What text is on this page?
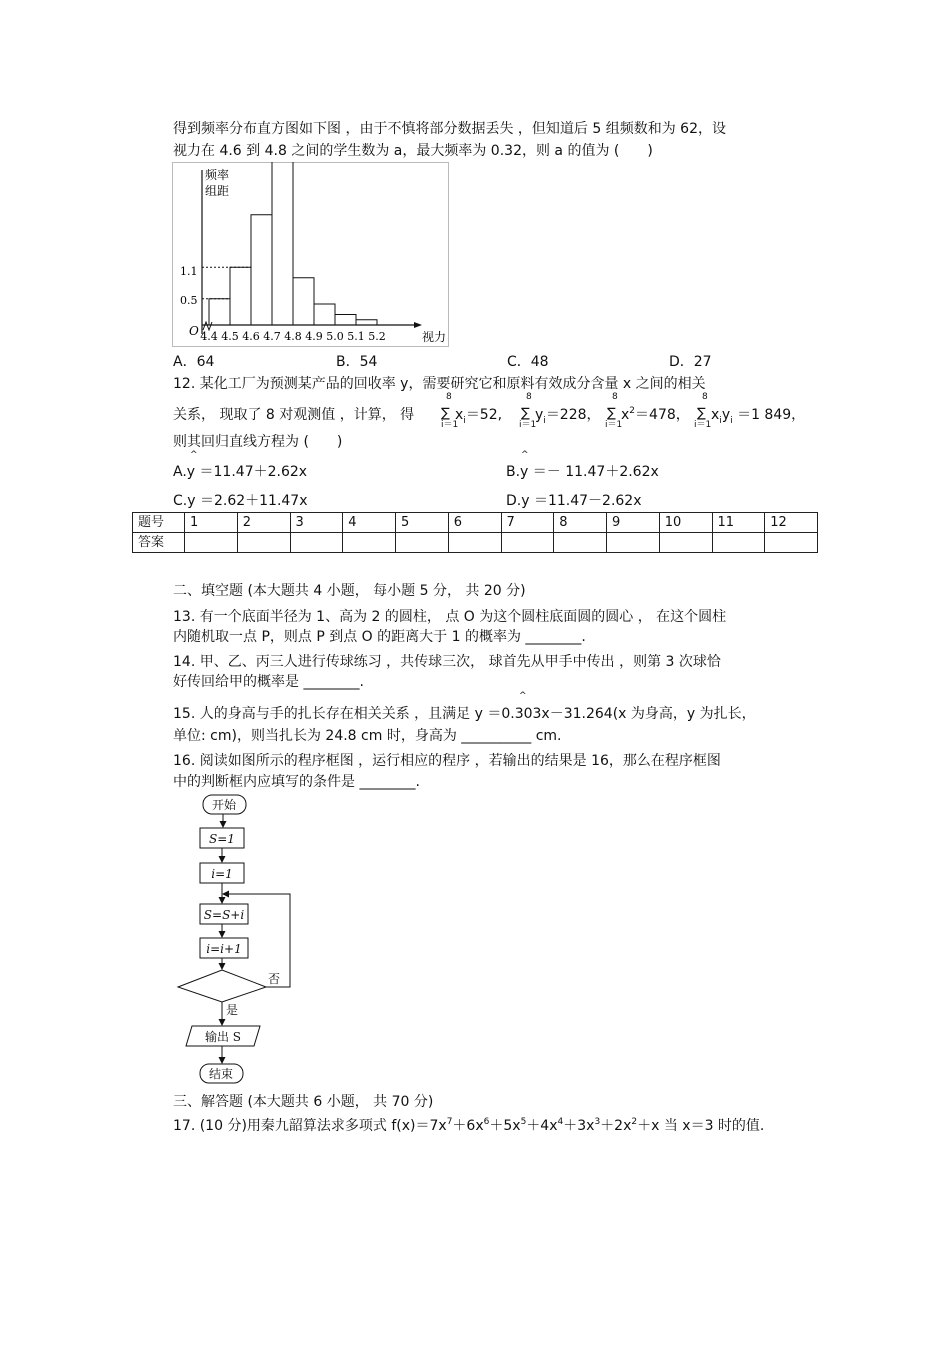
得到频率分布直方图如下图 ，由于不慎将部分数据丢失 ，但知道后 5 组频数和为 62，设
视力在 4.6 到 4.8 之间的学生数为 a，最大频率为 0.32，则 a 的值为 (　　)
频率
组距
O	视力
1.1
0.5
4.4 4.5 4.6 4.7 4.8 4.9 5.0 5.1 5.2
A．64	B．54	C．48	D．27
12. 某化工厂为预测某产品的回收率 y，需要研究它和原料有效成分含量 x 之间的相关
关系， 现取了 8 对观测值 ，计算， 得
8
∑
i＝1
$x_i=52$,
8
∑
i＝1
$y_i=228$，
8
∑
i＝1
$x^2=478$，
8
∑
i＝1
$x_iy_i =1$ 849，
则其回归直线方程为 (　　)
^
A.y ＝11.47＋2.62x
^
B.y ＝－ 11.47＋2.62x
C.y ＝2.62＋11.47x	D.y ＝11.47－2.62x
题号	1	2	3	4	5	6	7	8	9	10	11	12
答案												
二、填空题 (本大题共 4 小题， 每小题 5 分， 共 20 分)
13. 有一个底面半径为 1、高为 2 的圆柱， 点 O 为这个圆柱底面圆的圆心 ， 在这个圆柱
内随机取一点 P，则点 P 到点 O 的距离大于 1 的概率为 ________.
14. 甲、乙、丙三人进行传球练习 ，共传球三次， 球首先从甲手中传出 ，则第 3 次球恰
好传回给甲的概率是 ________.
^
15. 人的身高与手的扎长存在相关关系 ，且满足 y ＝0.303x－31.264(x 为身高，y 为扎长，
单位: cm)，则当扎长为 24.8 cm 时，身高为 __________ cm.
16. 阅读如图所示的程序框图 ，运行相应的程序 ，若输出的结果是 16，那么在程序框图
中的判断框内应填写的条件是 ________.
开始
S=1
i=1
S=S+i
i=i+1
否
是
输出 S
结束
三、解答题 (本大题共 6 小题， 共 70 分)
17. (10 分)用秦九韶算法求多项式 $f(x)=7x^7+6x^6+5x^5+4x^4+3x^3+2x^2+x$ 当 x＝3 时的值.
